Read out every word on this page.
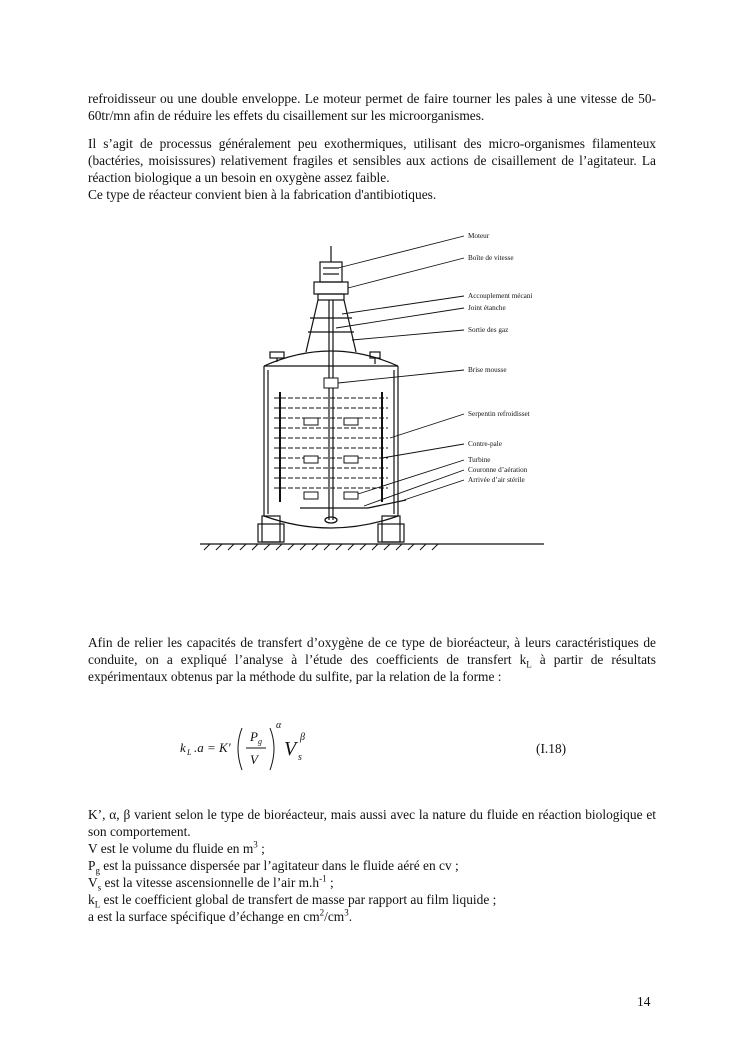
refroidisseur ou une double enveloppe. Le moteur permet de faire tourner les pales à une vitesse de 50-60tr/mn afin de réduire les effets du cisaillement sur les microorganismes.

Il s’agit de processus généralement peu exothermiques, utilisant des micro-organismes filamenteux (bactéries, moisissures) relativement fragiles et sensibles aux actions de cisaillement de l’agitateur. La réaction biologique a un besoin en oxygène assez faible.

Ce type de réacteur convient bien à la fabrication d'antibiotiques.

Moteur
Boîte de vitesse
Accouplement mécani
Joint étanche
Sortie des gaz
Brise mousse
Serpentin refroidisset
Contre-pale
Turbine
Couronne d’aération
Arrivée d’air stérile

Afin de relier les capacités de transfert d’oxygène de ce type de bioréacteur, à leurs caractéristiques de conduite, on a expliqué l’analyse à l’étude des coefficients de transfert $k_L$ à partir de résultats expérimentaux obtenus par la méthode du sulfite, par la relation de la forme :

k L .a = K'
P g
V
α
V s
β
(I.18)
K’, α, β varient selon le type de bioréacteur, mais aussi avec la nature du fluide en réaction biologique et son comportement.
V est le volume du fluide en $m^3$ ;
$P_g$ est la puissance dispersée par l’agitateur dans le fluide aéré en cv ;
$V_s$ est la vitesse ascensionnelle de l’air $m.h^{-1}$ ;
$k_L$ est le coefficient global de transfert de masse par rapport au film liquide ;
a est la surface spécifique d’échange en $cm^2/cm^3$.
14
